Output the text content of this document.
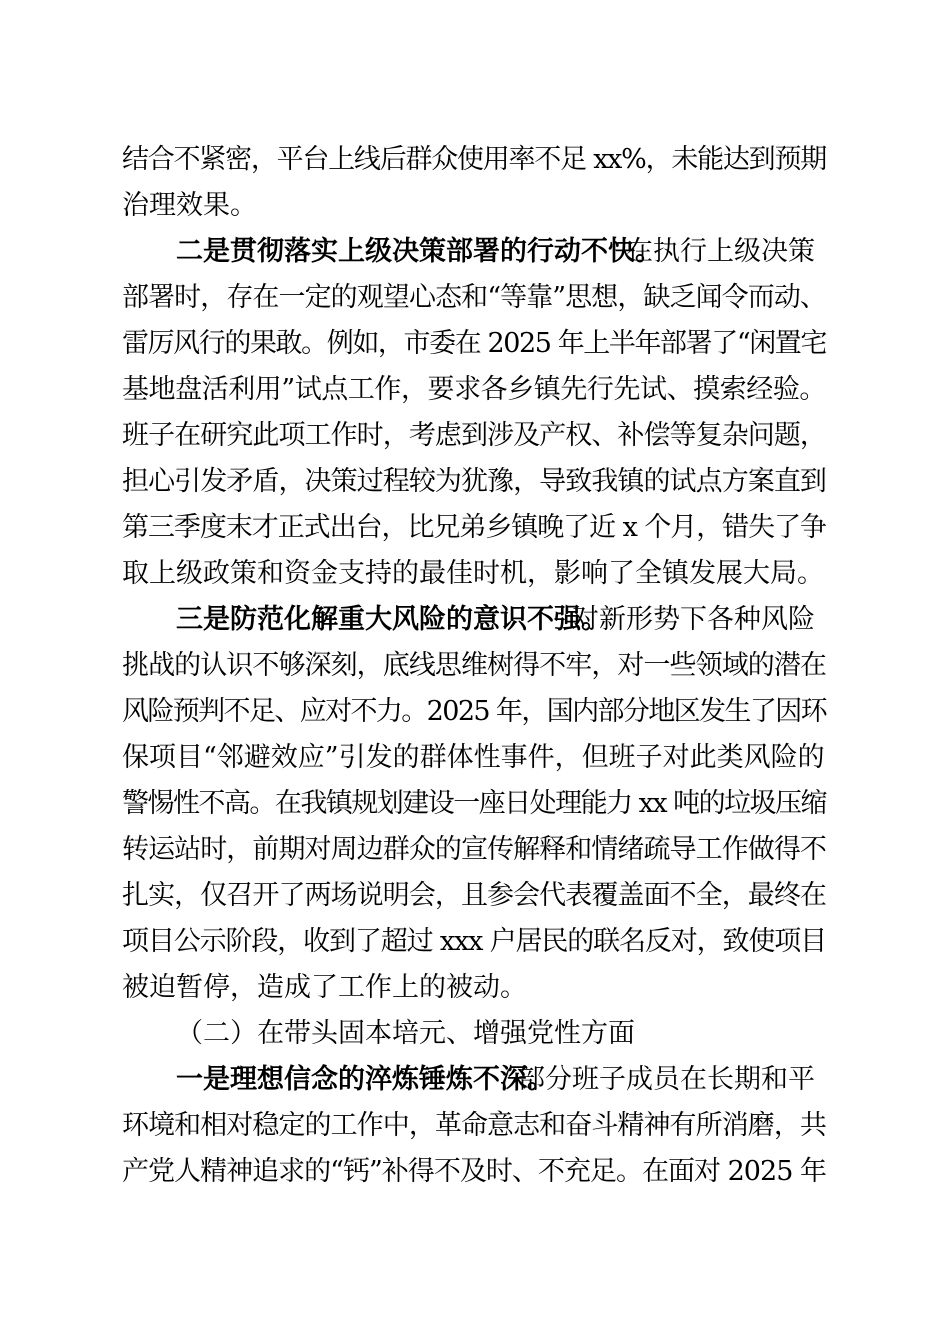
结合不紧密，平台上线后群众使用率不足 xx%，未能达到预期
治理效果。
二是贯彻落实上级决策部署的行动不快。
在执行上级决策
部署时，存在一定的观望心态和“等靠”思想，缺乏闻令而动、
雷厉风行的果敢。例如，市委在 2025 年上半年部署了“闲置宅
基地盘活利用”试点工作，要求各乡镇先行先试、摸索经验。
班子在研究此项工作时，考虑到涉及产权、补偿等复杂问题，
担心引发矛盾，决策过程较为犹豫，导致我镇的试点方案直到
第三季度末才正式出台，比兄弟乡镇晚了近 x 个月，错失了争
取上级政策和资金支持的最佳时机，影响了全镇发展大局。
三是防范化解重大风险的意识不强。
对新形势下各种风险
挑战的认识不够深刻，底线思维树得不牢，对一些领域的潜在
风险预判不足、应对不力。2025 年，国内部分地区发生了因环
保项目“邻避效应”引发的群体性事件，但班子对此类风险的
警惕性不高。在我镇规划建设一座日处理能力 xx 吨的垃圾压缩
转运站时，前期对周边群众的宣传解释和情绪疏导工作做得不
扎实，仅召开了两场说明会，且参会代表覆盖面不全，最终在
项目公示阶段，收到了超过 xxx 户居民的联名反对，致使项目
被迫暂停，造成了工作上的被动。
（二）在带头固本培元、增强党性方面
一是理想信念的淬炼锤炼不深。
部分班子成员在长期和平
环境和相对稳定的工作中，革命意志和奋斗精神有所消磨，共
产党人精神追求的“钙”补得不及时、不充足。在面对 2025 年
